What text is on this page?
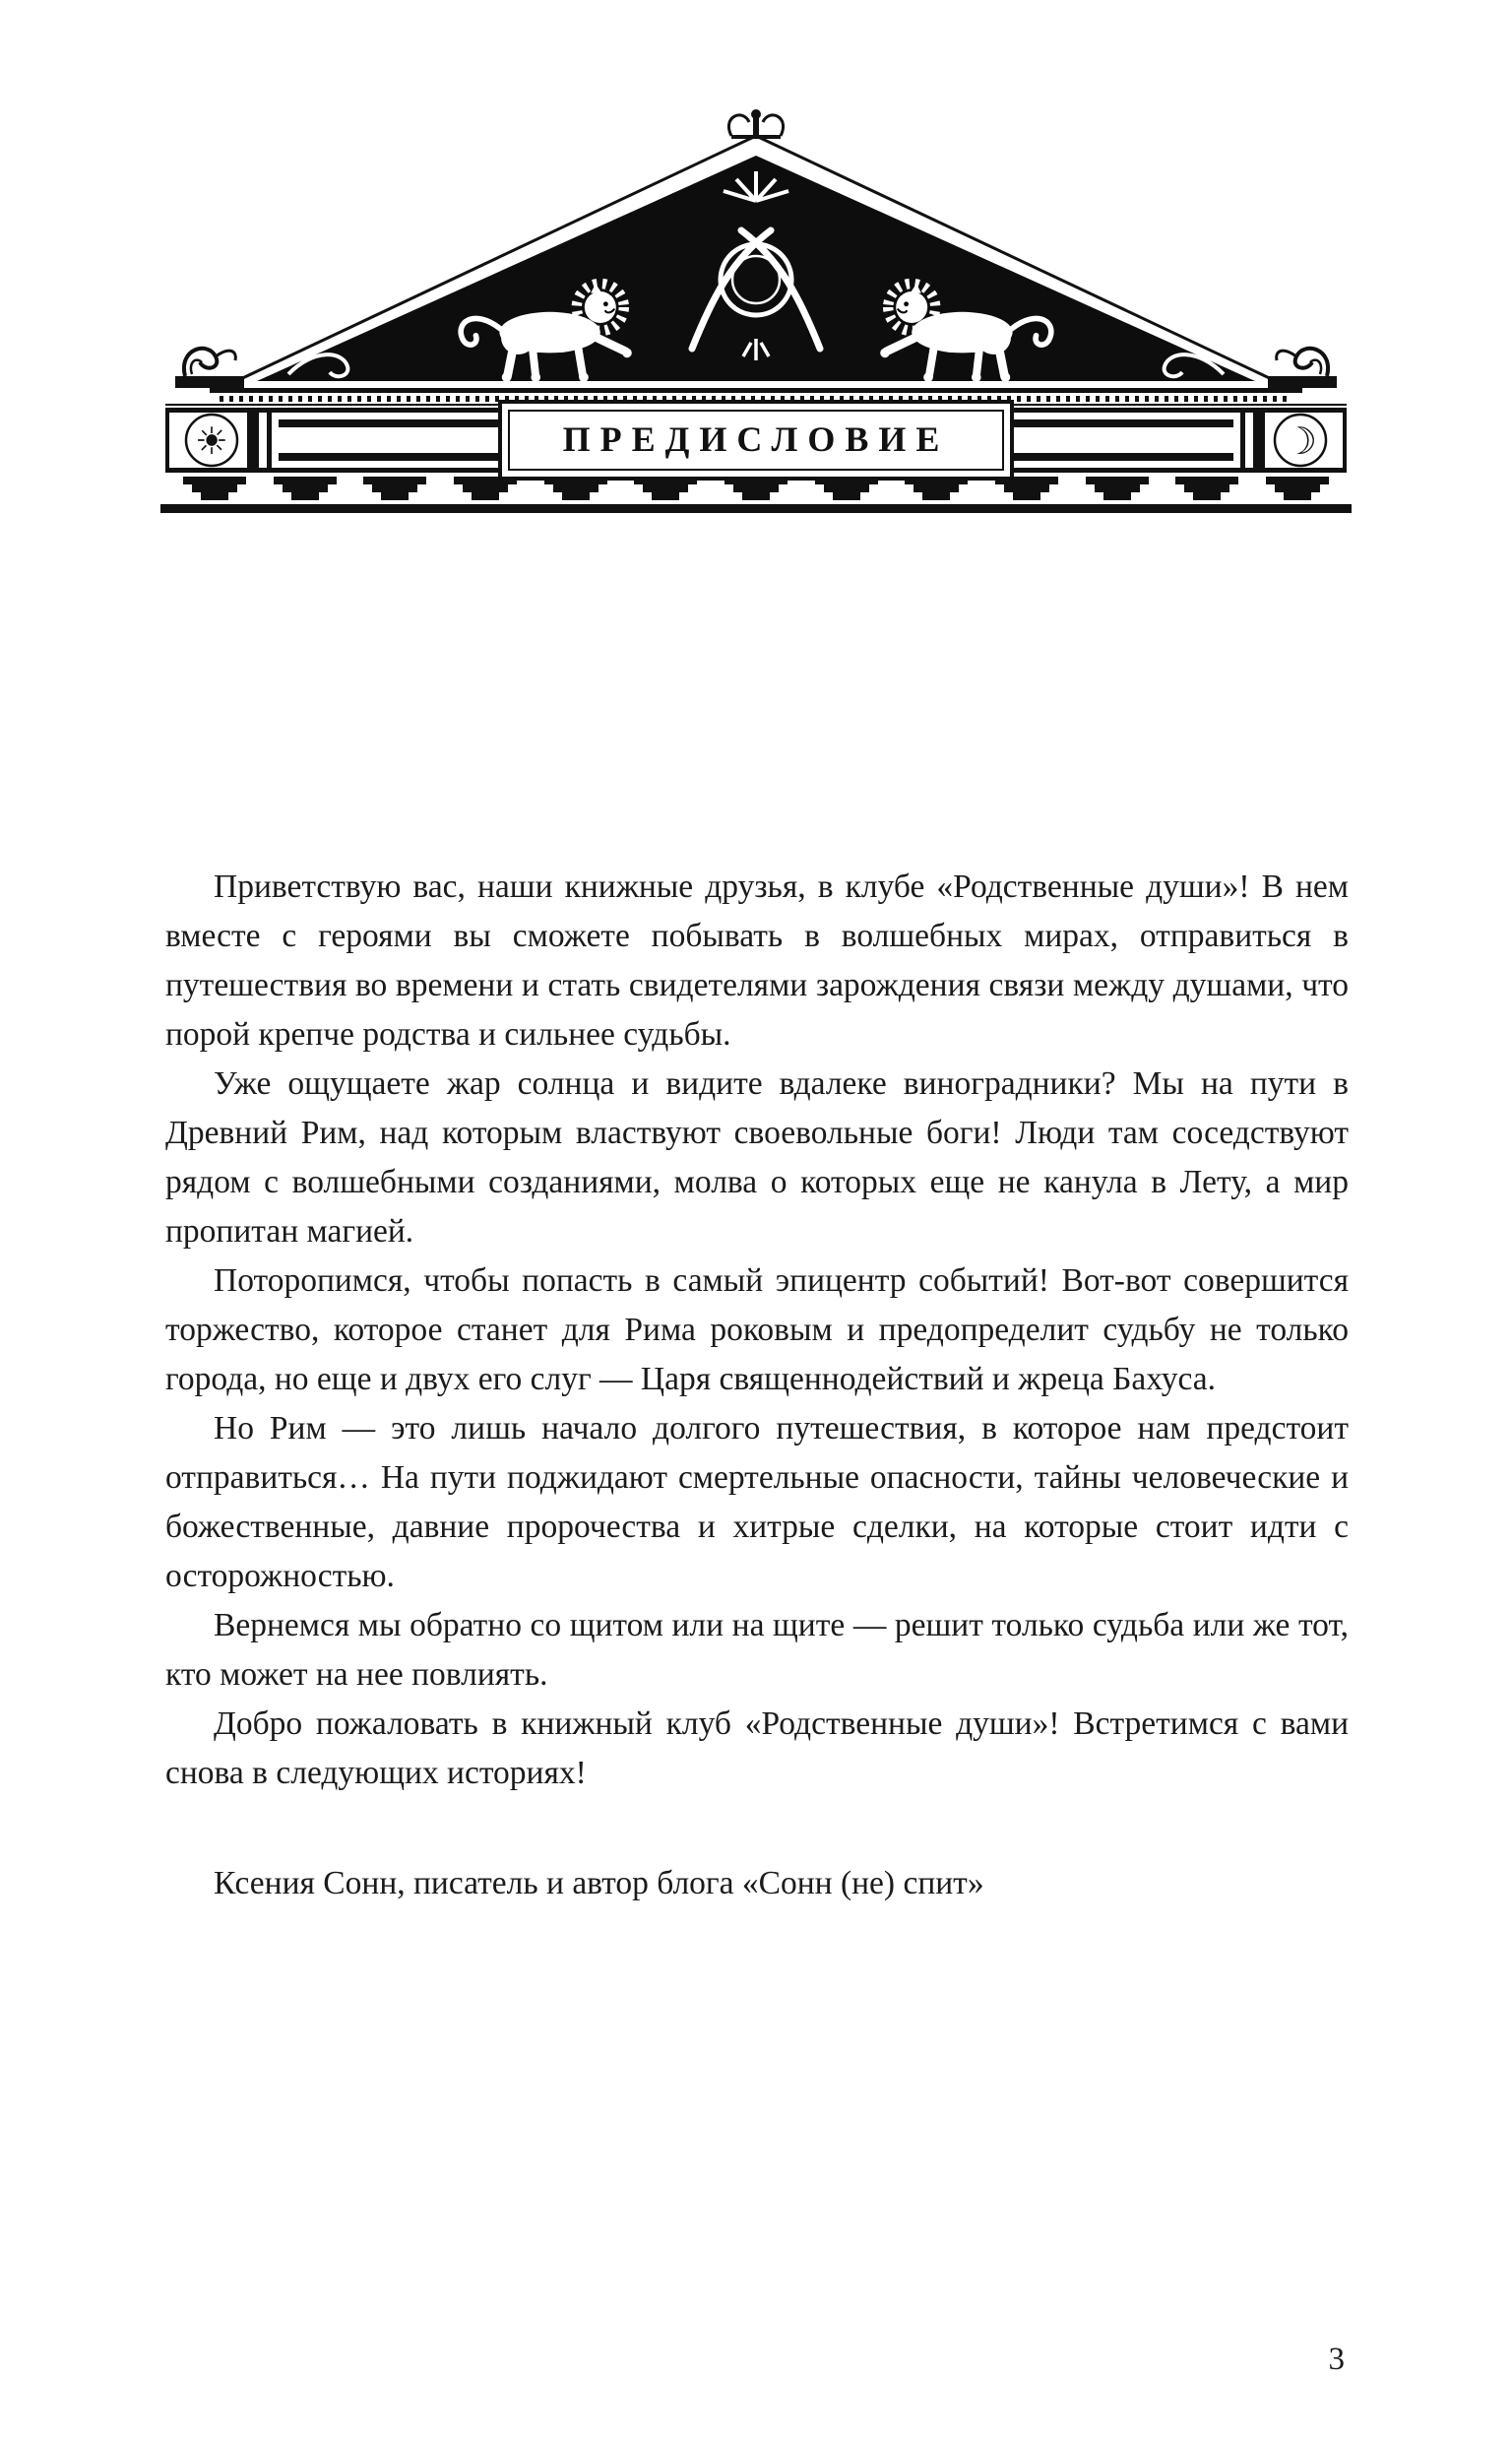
☀	ПРЕДИСЛОВИЕ	☽

Приветствую вас, наши книжные друзья, в клубе «Родственные души»! В нем вместе с героями вы сможете побывать в волшебных мирах, отправиться в путешествия во времени и стать свидетелями зарождения связи между душами, что порой крепче родства и сильнее судьбы.

Уже ощущаете жар солнца и видите вдалеке виноградники? Мы на пути в Древний Рим, над которым властвуют своевольные боги! Люди там соседствуют рядом с волшебными созданиями, молва о которых еще не канула в Лету, а мир пропитан магией.

Поторопимся, чтобы попасть в самый эпицентр событий! Вот-вот совершится торжество, которое станет для Рима роковым и предопределит судьбу не только города, но еще и двух его слуг — Царя священнодействий и жреца Бахуса.

Но Рим — это лишь начало долгого путешествия, в которое нам предстоит отправиться… На пути поджидают смертельные опасности, тайны человеческие и божественные, давние пророчества и хитрые сделки, на которые стоит идти с осторожностью.

Вернемся мы обратно со щитом или на щите — решит только судьба или же тот, кто может на нее повлиять.

Добро пожаловать в книжный клуб «Родственные души»! Встретимся с вами снова в следующих историях!

Ксения Сонн, писатель и автор блога «Сонн (не) спит»

3
